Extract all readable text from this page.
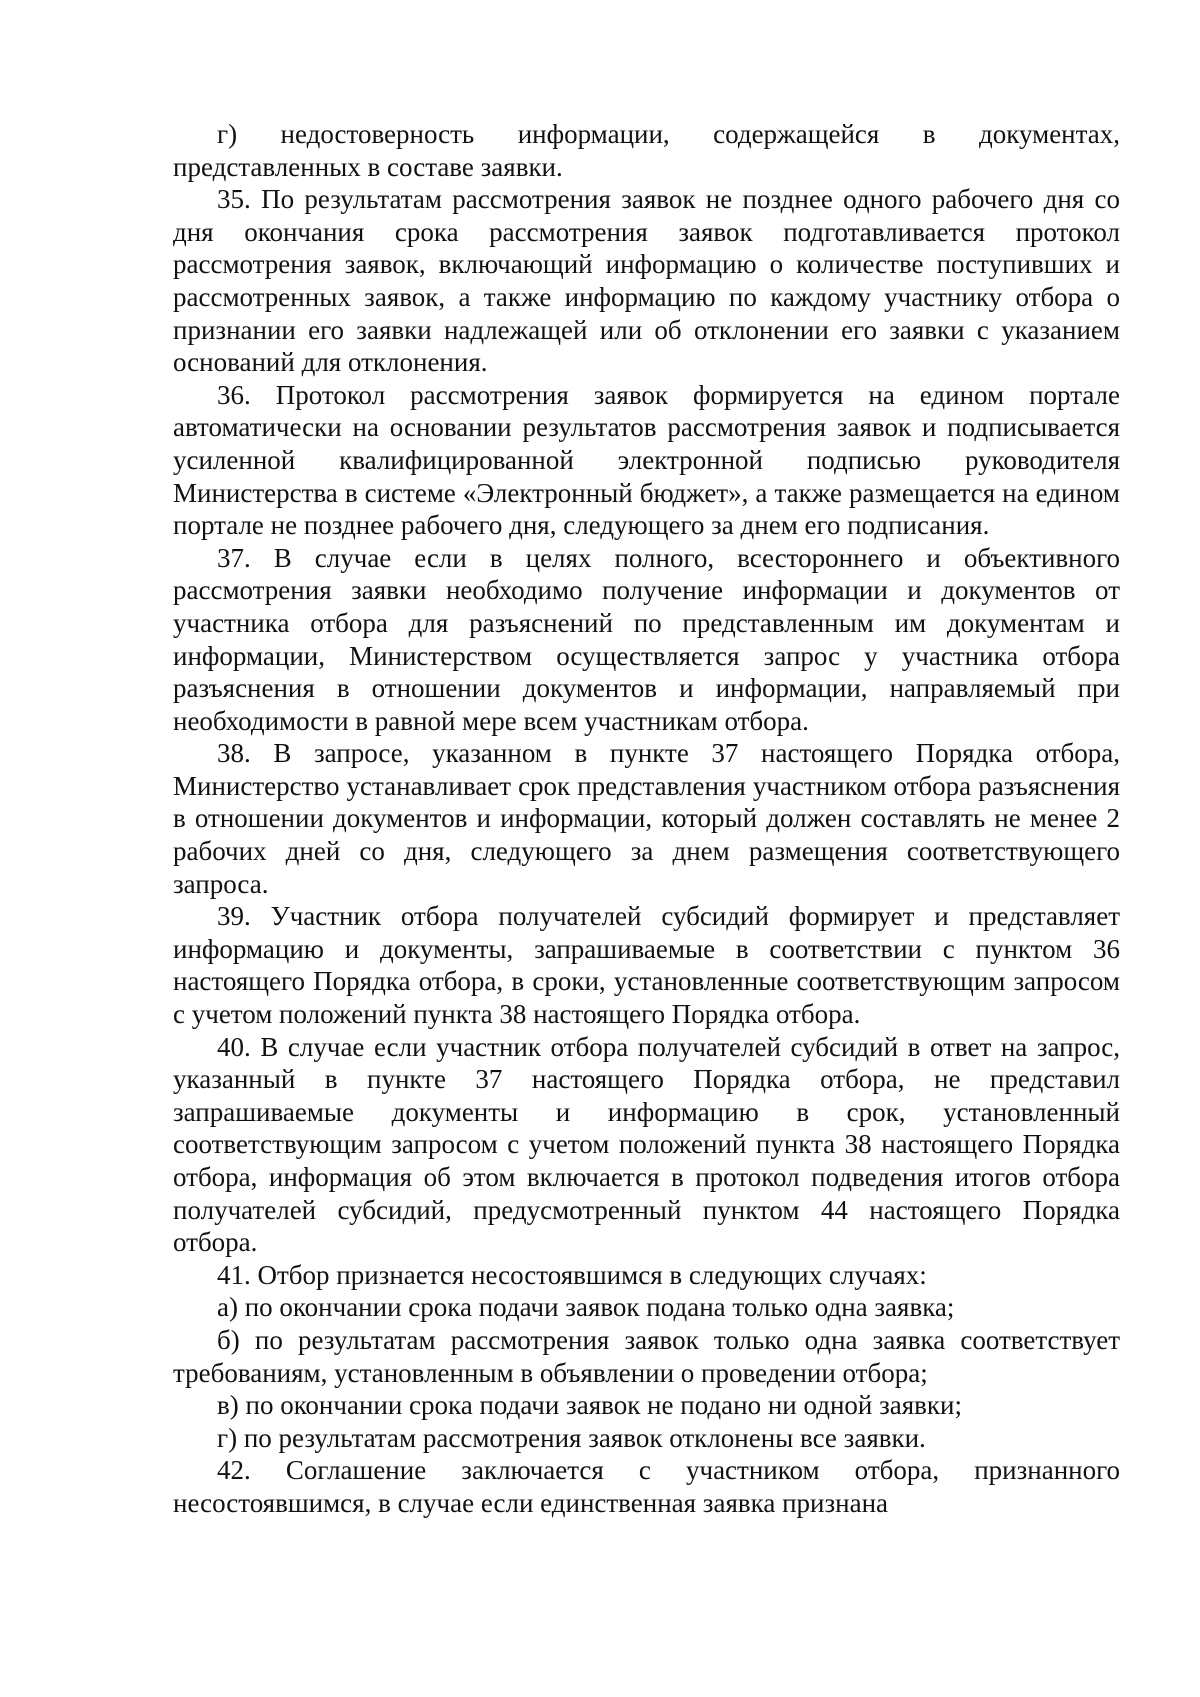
г) недостоверность информации, содержащейся в документах, представленных в составе заявки.

35. По результатам рассмотрения заявок не позднее одного рабочего дня со дня окончания срока рассмотрения заявок подготавливается протокол рассмотрения заявок, включающий информацию о количестве поступивших и рассмотренных заявок, а также информацию по каждому участнику отбора о признании его заявки надлежащей или об отклонении его заявки с указанием оснований для отклонения.

36. Протокол рассмотрения заявок формируется на едином портале автоматически на основании результатов рассмотрения заявок и подписывается усиленной квалифицированной электронной подписью руководителя Министерства в системе «Электронный бюджет», а также размещается на едином портале не позднее рабочего дня, следующего за днем его подписания.

37. В случае если в целях полного, всестороннего и объективного рассмотрения заявки необходимо получение информации и документов от участника отбора для разъяснений по представленным им документам и информации, Министерством осуществляется запрос у участника отбора разъяснения в отношении документов и информации, направляемый при необходимости в равной мере всем участникам отбора.

38. В запросе, указанном в пункте 37 настоящего Порядка отбора, Министерство устанавливает срок представления участником отбора разъяснения в отношении документов и информации, который должен составлять не менее 2 рабочих дней со дня, следующего за днем размещения соответствующего запроса.

39. Участник отбора получателей субсидий формирует и представляет информацию и документы, запрашиваемые в соответствии с пунктом 36 настоящего Порядка отбора, в сроки, установленные соответствующим запросом с учетом положений пункта 38 настоящего Порядка отбора.

40. В случае если участник отбора получателей субсидий в ответ на запрос, указанный в пункте 37 настоящего Порядка отбора, не представил запрашиваемые документы и информацию в срок, установленный соответствующим запросом с учетом положений пункта 38 настоящего Порядка отбора, информация об этом включается в протокол подведения итогов отбора получателей субсидий, предусмотренный пунктом 44 настоящего Порядка отбора.

41. Отбор признается несостоявшимся в следующих случаях:

а) по окончании срока подачи заявок подана только одна заявка;

б) по результатам рассмотрения заявок только одна заявка соответствует требованиям, установленным в объявлении о проведении отбора;

в) по окончании срока подачи заявок не подано ни одной заявки;

г) по результатам рассмотрения заявок отклонены все заявки.

42. Соглашение заключается с участником отбора, признанного несостоявшимся, в случае если единственная заявка признана
